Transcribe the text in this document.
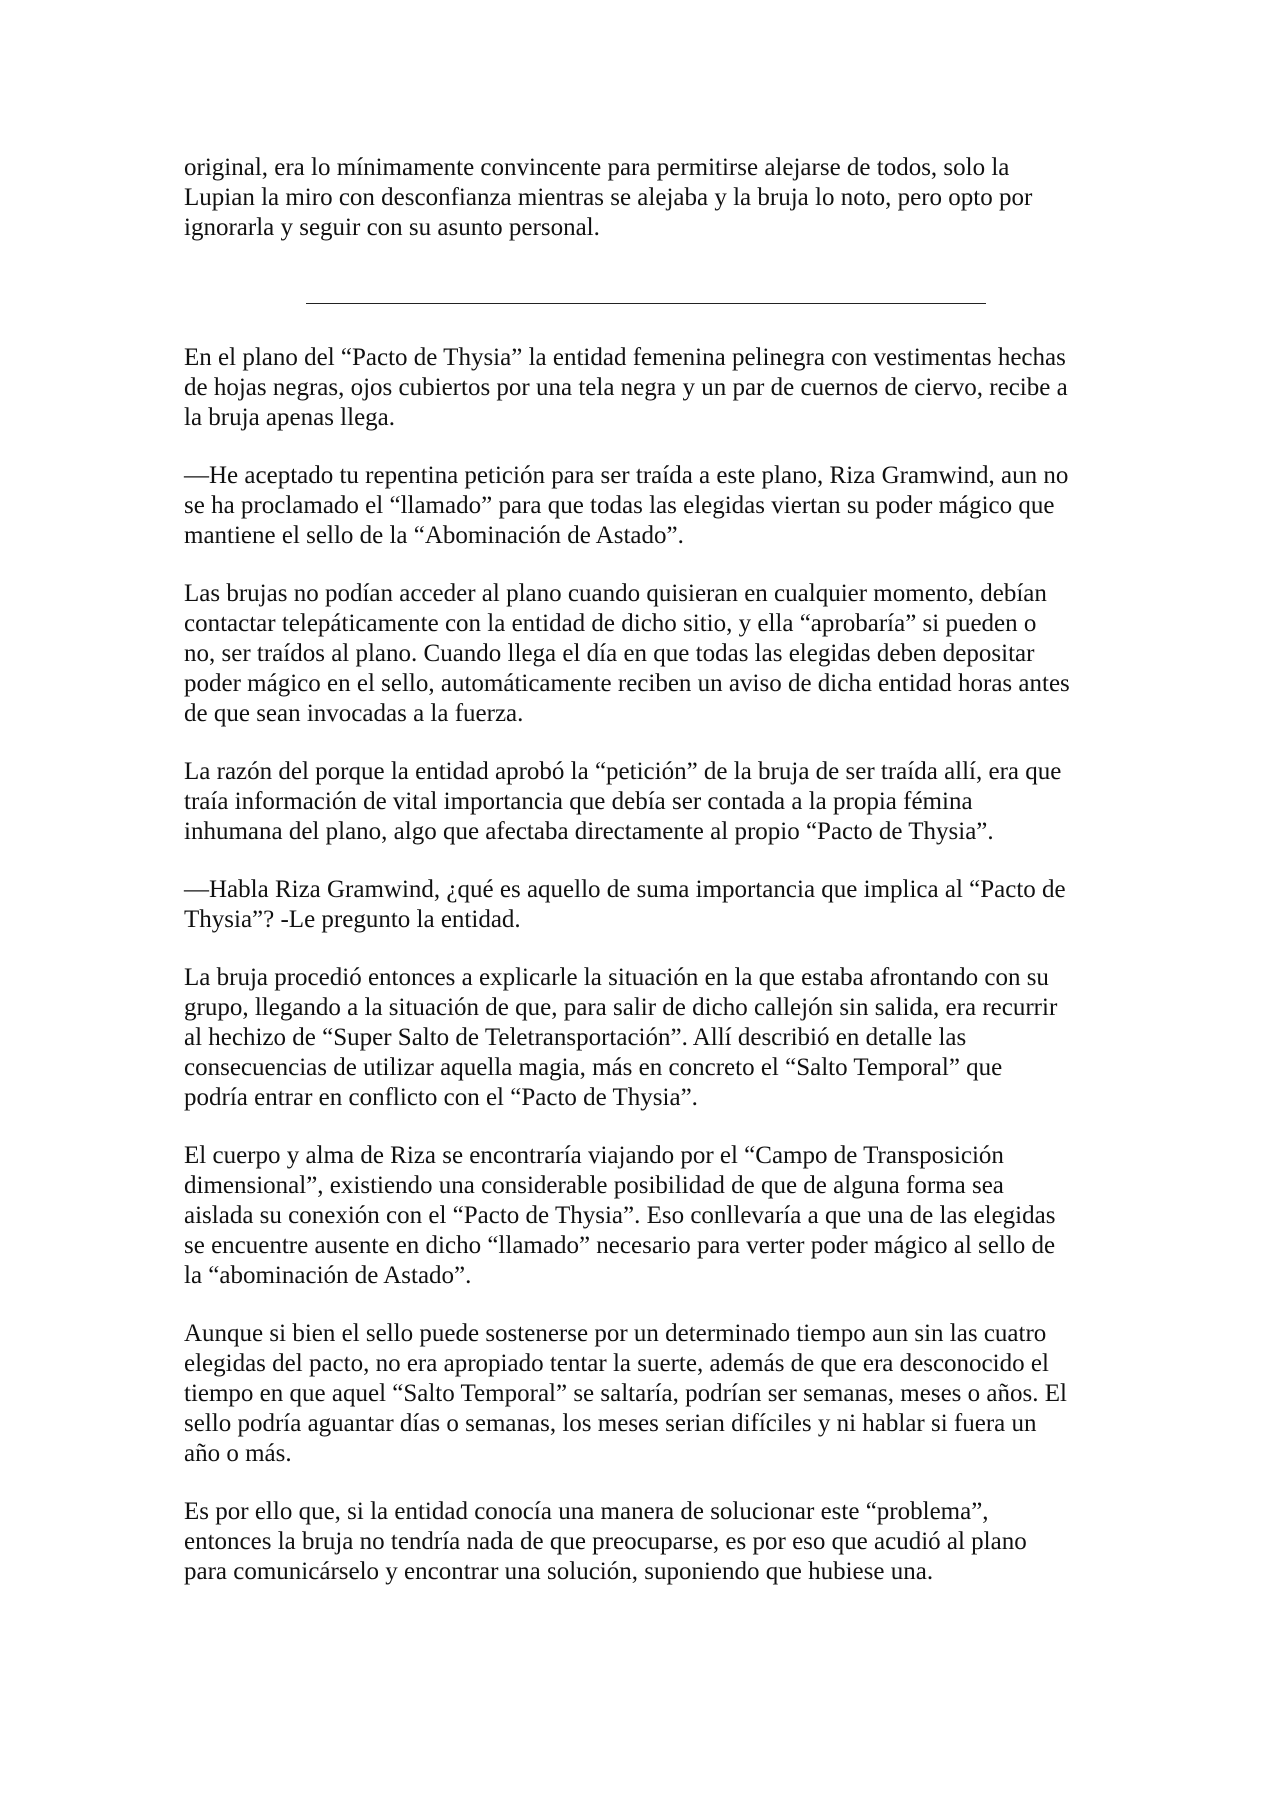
original, era lo mínimamente convincente para permitirse alejarse de todos, solo la
Lupian la miro con desconfianza mientras se alejaba y la bruja lo noto, pero opto por
ignorarla y seguir con su asunto personal.

En el plano del “Pacto de Thysia” la entidad femenina pelinegra con vestimentas hechas
de hojas negras, ojos cubiertos por una tela negra y un par de cuernos de ciervo, recibe a
la bruja apenas llega.

—He aceptado tu repentina petición para ser traída a este plano, Riza Gramwind, aun no
se ha proclamado el “llamado” para que todas las elegidas viertan su poder mágico que
mantiene el sello de la “Abominación de Astado”.

Las brujas no podían acceder al plano cuando quisieran en cualquier momento, debían
contactar telepáticamente con la entidad de dicho sitio, y ella “aprobaría” si pueden o
no, ser traídos al plano. Cuando llega el día en que todas las elegidas deben depositar
poder mágico en el sello, automáticamente reciben un aviso de dicha entidad horas antes
de que sean invocadas a la fuerza.

La razón del porque la entidad aprobó la “petición” de la bruja de ser traída allí, era que
traía información de vital importancia que debía ser contada a la propia fémina
inhumana del plano, algo que afectaba directamente al propio “Pacto de Thysia”.

—Habla Riza Gramwind, ¿qué es aquello de suma importancia que implica al “Pacto de
Thysia”? -Le pregunto la entidad.

La bruja procedió entonces a explicarle la situación en la que estaba afrontando con su
grupo, llegando a la situación de que, para salir de dicho callejón sin salida, era recurrir
al hechizo de “Super Salto de Teletransportación”. Allí describió en detalle las
consecuencias de utilizar aquella magia, más en concreto el “Salto Temporal” que
podría entrar en conflicto con el “Pacto de Thysia”.

El cuerpo y alma de Riza se encontraría viajando por el “Campo de Transposición
dimensional”, existiendo una considerable posibilidad de que de alguna forma sea
aislada su conexión con el “Pacto de Thysia”. Eso conllevaría a que una de las elegidas
se encuentre ausente en dicho “llamado” necesario para verter poder mágico al sello de
la “abominación de Astado”.

Aunque si bien el sello puede sostenerse por un determinado tiempo aun sin las cuatro
elegidas del pacto, no era apropiado tentar la suerte, además de que era desconocido el
tiempo en que aquel “Salto Temporal” se saltaría, podrían ser semanas, meses o años. El
sello podría aguantar días o semanas, los meses serian difíciles y ni hablar si fuera un
año o más.

Es por ello que, si la entidad conocía una manera de solucionar este “problema”,
entonces la bruja no tendría nada de que preocuparse, es por eso que acudió al plano
para comunicárselo y encontrar una solución, suponiendo que hubiese una.
